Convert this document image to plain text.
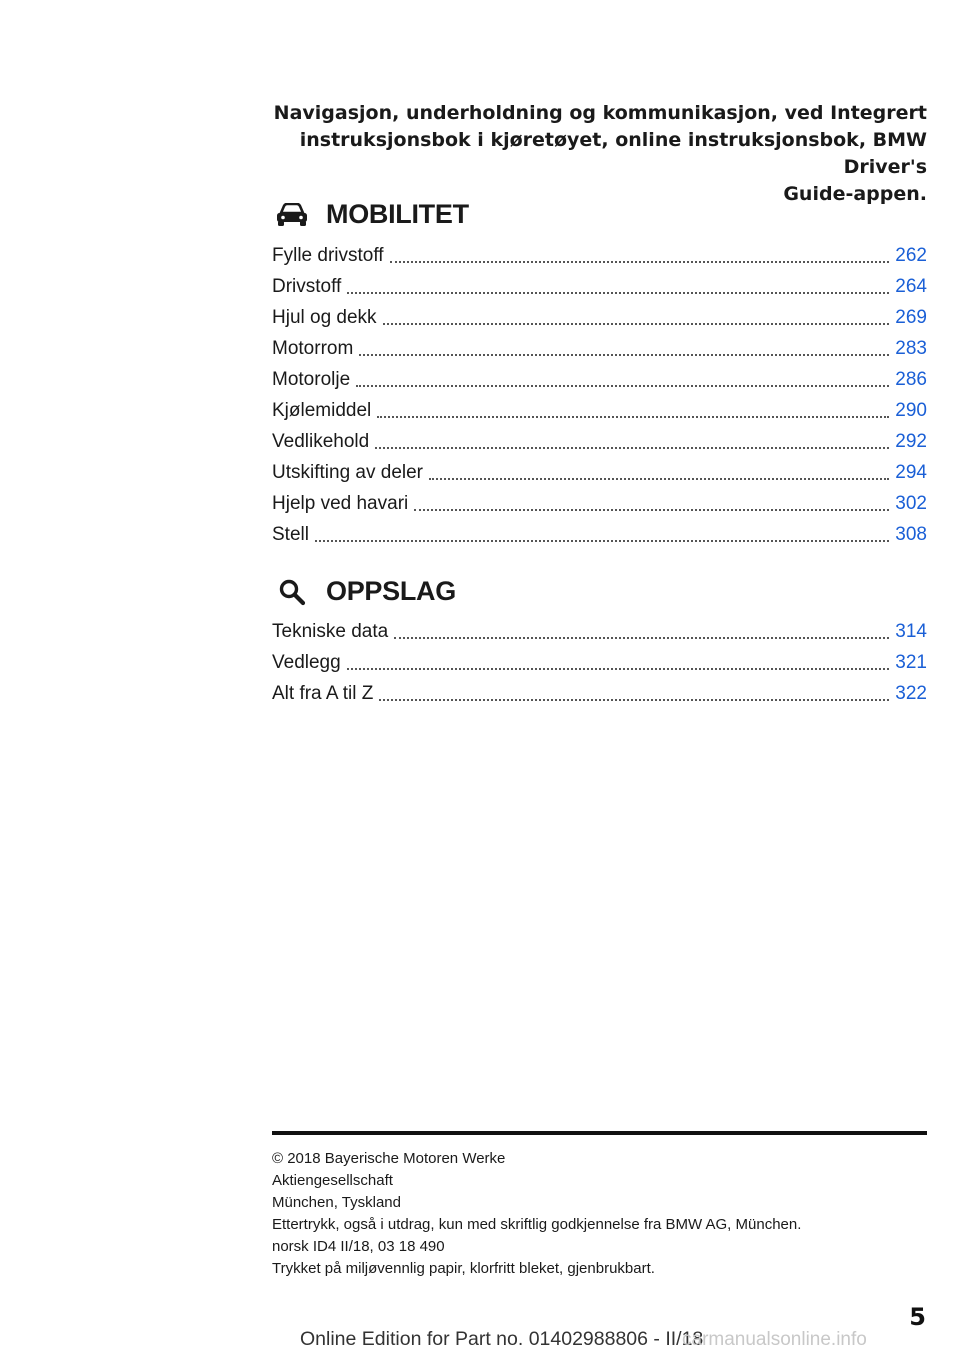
Navigasjon, underholdning og kommunikasjon, ved Integrert
instruksjonsbok i kjøretøyet, online instruksjonsbok, BMW Driver's
Guide-appen.
MOBILITET
Fylle drivstoff	262
Drivstoff	264
Hjul og dekk	269
Motorrom	283
Motorolje	286
Kjølemiddel	290
Vedlikehold	292
Utskifting av deler	294
Hjelp ved havari	302
Stell	308
OPPSLAG
Tekniske data	314
Vedlegg	321
Alt fra A til Z	322
© 2018 Bayerische Motoren Werke
Aktiengesellschaft
München, Tyskland
Ettertrykk, også i utdrag, kun med skriftlig godkjennelse fra BMW AG, München.
norsk ID4 II/18, 03 18 490
Trykket på miljøvennlig papir, klorfritt bleket, gjenbrukbart.
5
Online Edition for Part no. 01402988806 - II/18
carmanualsonline.info
